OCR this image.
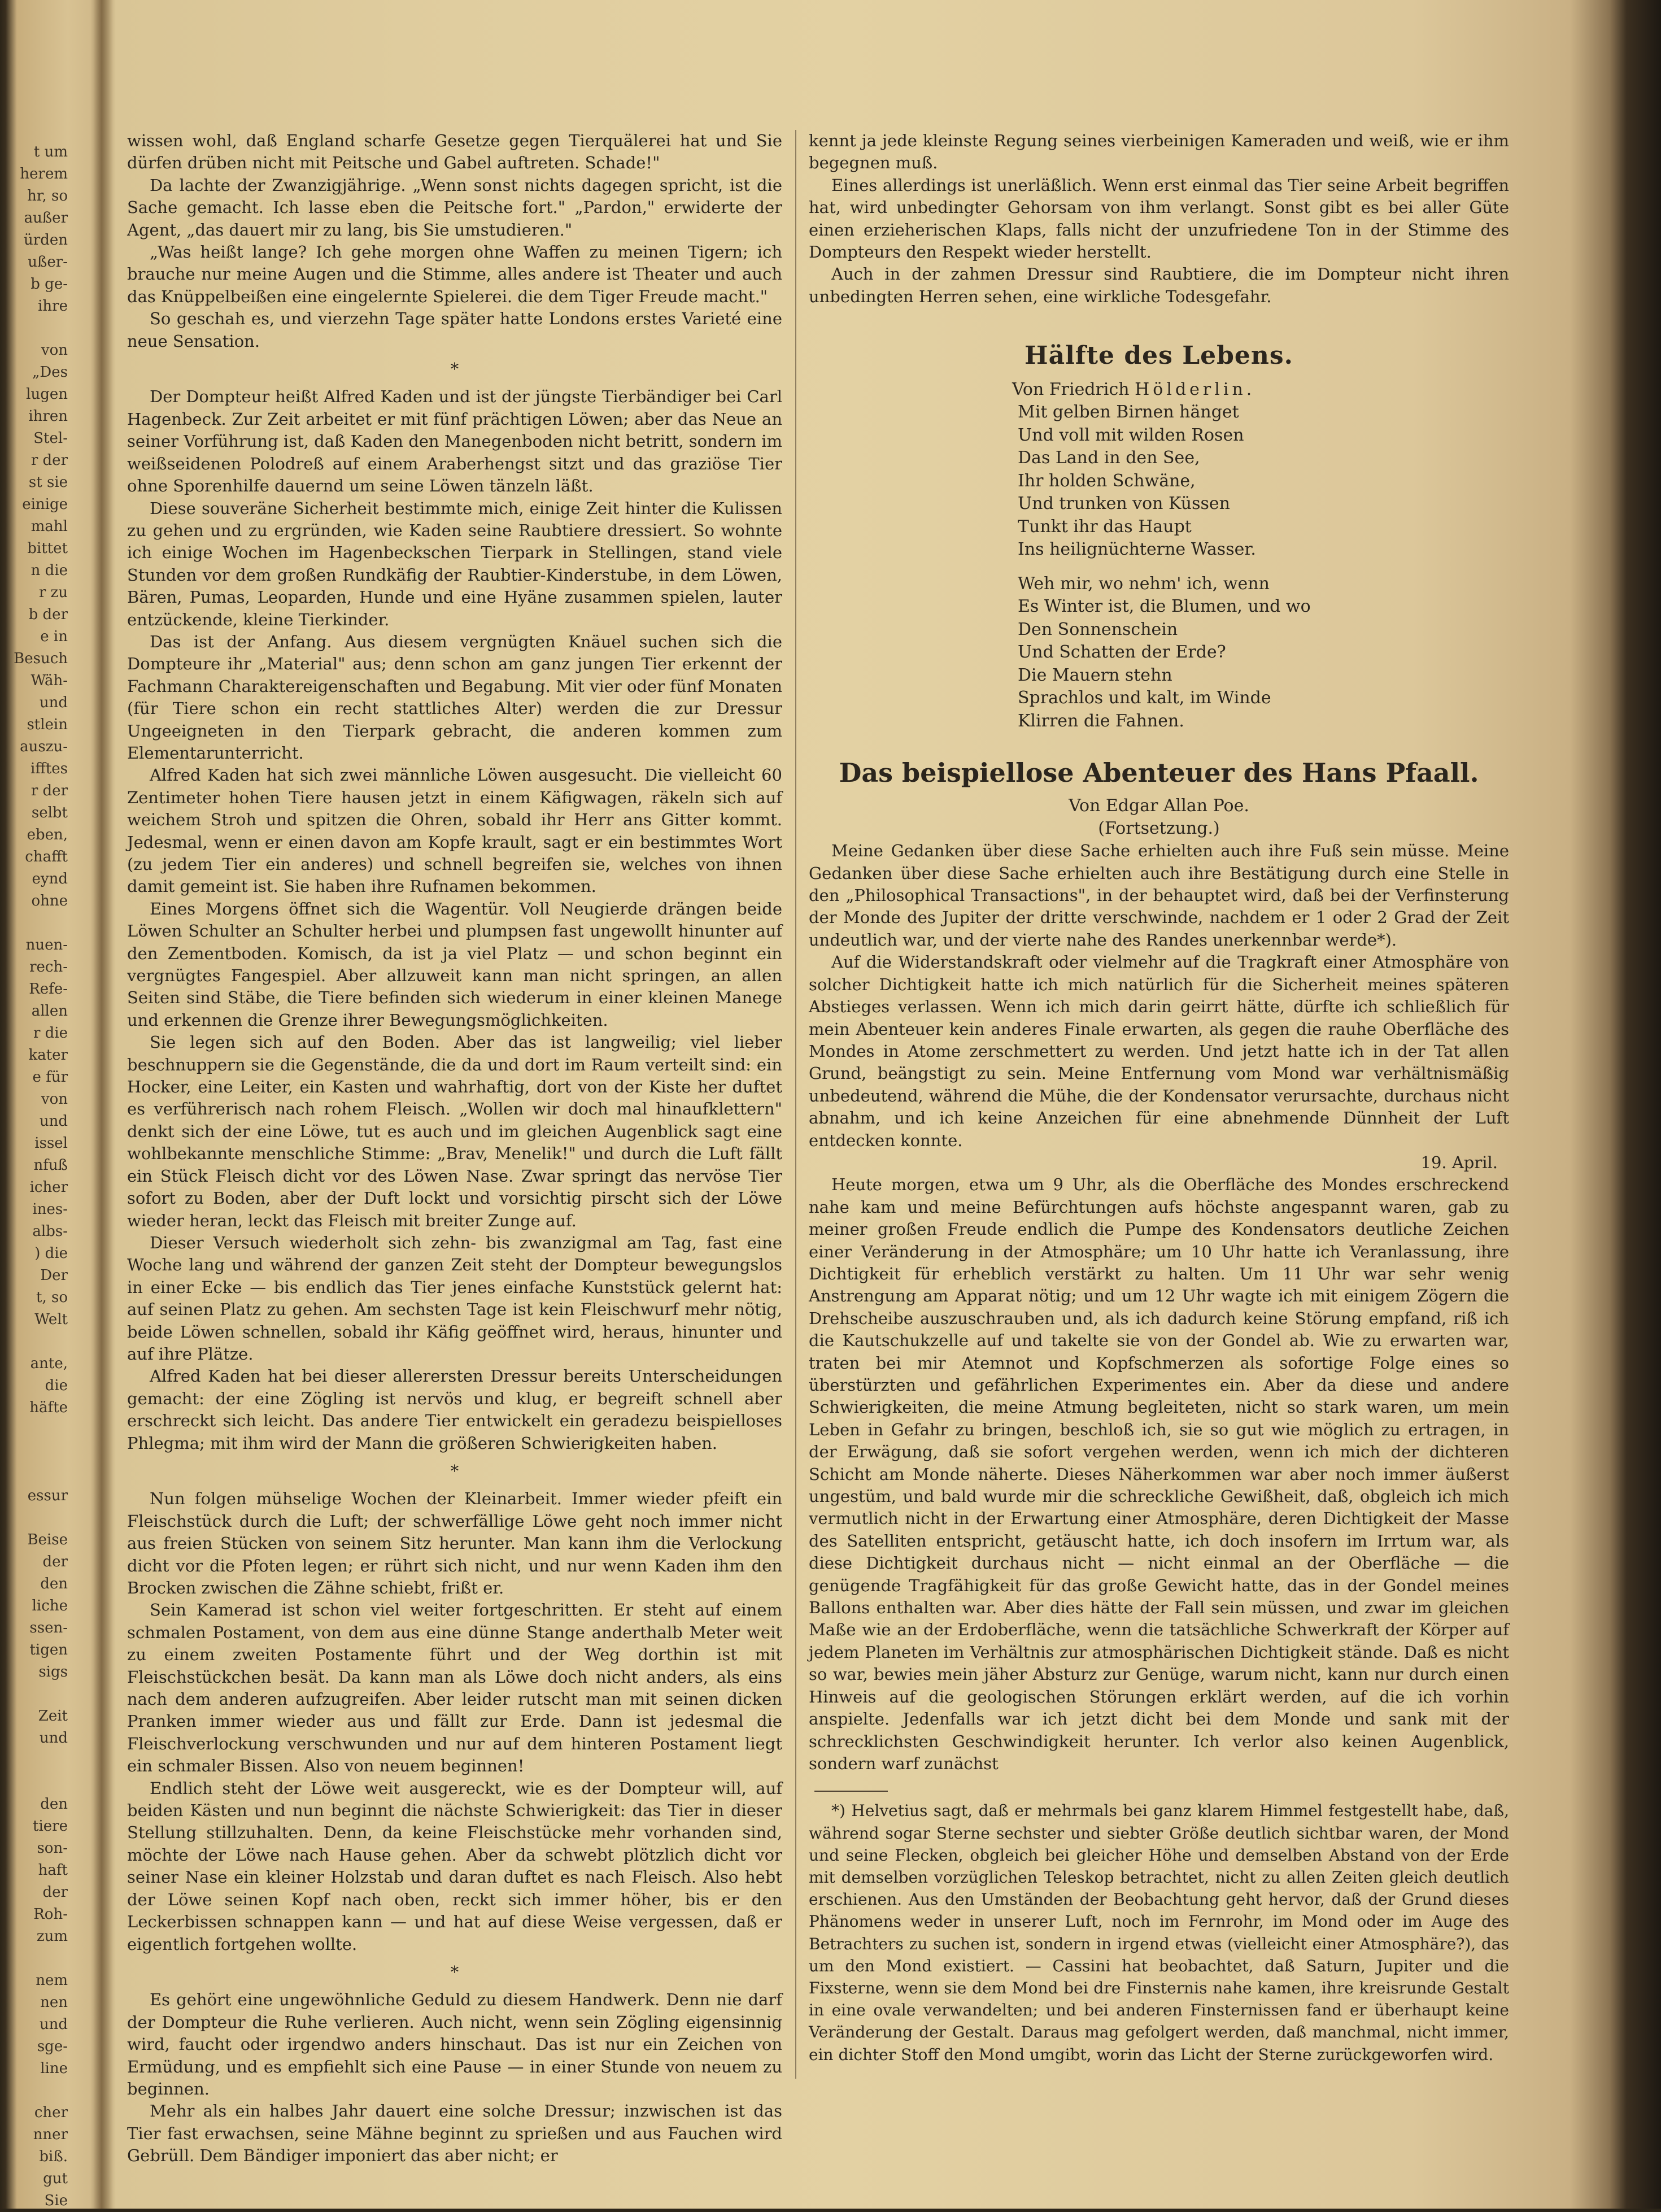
t um
herem
hr, so
außer
ürden
ußer-
b ge-
ihre

von
„Des
lugen
ihren
Stel-
r der
st sie
einige
mahl
bittet
n die
r zu
b der
e in
Besuch
Wäh-
und
stlein
auszu-
ifftes
r der
selbt
eben,
chafft
eynd
ohne

nuen-
rech-
Refe-
allen
r die
kater
e für
von
und
issel
nfuß
icher
ines-
albs-
) die
Der
t, so
Welt

ante,
die
häfte

essur

Beise
der
den
liche
ssen-
tigen
sigs

Zeit
und

den
tiere
son-
haft
der
Roh-
zum

nem
nen
und
sge-
line

cher
nner
biß.
gut
Sie

wissen wohl, daß England scharfe Gesetze gegen Tierquälerei hat und Sie dürfen drüben nicht mit Peitsche und Gabel auftreten. Schade!"

Da lachte der Zwanzigjährige. „Wenn sonst nichts dagegen spricht, ist die Sache gemacht. Ich lasse eben die Peitsche fort." „Pardon," erwiderte der Agent, „das dauert mir zu lang, bis Sie umstudieren."

„Was heißt lange? Ich gehe morgen ohne Waffen zu meinen Tigern; ich brauche nur meine Augen und die Stimme, alles andere ist Theater und auch das Knüppelbeißen eine eingelernte Spielerei. die dem Tiger Freude macht."

So geschah es, und vierzehn Tage später hatte Londons erstes Varieté eine neue Sensation.

*

Der Dompteur heißt Alfred Kaden und ist der jüngste Tierbändiger bei Carl Hagenbeck. Zur Zeit arbeitet er mit fünf prächtigen Löwen; aber das Neue an seiner Vorführung ist, daß Kaden den Manegenboden nicht betritt, sondern im weißseidenen Polodreß auf einem Araberhengst sitzt und das graziöse Tier ohne Sporenhilfe dauernd um seine Löwen tänzeln läßt.

Diese souveräne Sicherheit bestimmte mich, einige Zeit hinter die Kulissen zu gehen und zu ergründen, wie Kaden seine Raubtiere dressiert. So wohnte ich einige Wochen im Hagenbeckschen Tierpark in Stellingen, stand viele Stunden vor dem großen Rundkäfig der Raubtier-Kinderstube, in dem Löwen, Bären, Pumas, Leoparden, Hunde und eine Hyäne zusammen spielen, lauter entzückende, kleine Tierkinder.

Das ist der Anfang. Aus diesem vergnügten Knäuel suchen sich die Dompteure ihr „Material" aus; denn schon am ganz jungen Tier erkennt der Fachmann Charaktereigenschaften und Begabung. Mit vier oder fünf Monaten (für Tiere schon ein recht stattliches Alter) werden die zur Dressur Ungeeigneten in den Tierpark gebracht, die anderen kommen zum Elementarunterricht.

Alfred Kaden hat sich zwei männliche Löwen ausgesucht. Die vielleicht 60 Zentimeter hohen Tiere hausen jetzt in einem Käfigwagen, räkeln sich auf weichem Stroh und spitzen die Ohren, sobald ihr Herr ans Gitter kommt. Jedesmal, wenn er einen davon am Kopfe krault, sagt er ein bestimmtes Wort (zu jedem Tier ein anderes) und schnell begreifen sie, welches von ihnen damit gemeint ist. Sie haben ihre Rufnamen bekommen.

Eines Morgens öffnet sich die Wagentür. Voll Neugierde drängen beide Löwen Schulter an Schulter herbei und plumpsen fast ungewollt hinunter auf den Zementboden. Komisch, da ist ja viel Platz — und schon beginnt ein vergnügtes Fangespiel. Aber allzuweit kann man nicht springen, an allen Seiten sind Stäbe, die Tiere befinden sich wiederum in einer kleinen Manege und erkennen die Grenze ihrer Bewegungsmöglichkeiten.

Sie legen sich auf den Boden. Aber das ist langweilig; viel lieber beschnuppern sie die Gegenstände, die da und dort im Raum verteilt sind: ein Hocker, eine Leiter, ein Kasten und wahrhaftig, dort von der Kiste her duftet es verführerisch nach rohem Fleisch. „Wollen wir doch mal hinaufklettern" denkt sich der eine Löwe, tut es auch und im gleichen Augenblick sagt eine wohlbekannte menschliche Stimme: „Brav, Menelik!" und durch die Luft fällt ein Stück Fleisch dicht vor des Löwen Nase. Zwar springt das nervöse Tier sofort zu Boden, aber der Duft lockt und vorsichtig pirscht sich der Löwe wieder heran, leckt das Fleisch mit breiter Zunge auf.

Dieser Versuch wiederholt sich zehn- bis zwanzigmal am Tag, fast eine Woche lang und während der ganzen Zeit steht der Dompteur bewegungslos in einer Ecke — bis endlich das Tier jenes einfache Kunststück gelernt hat: auf seinen Platz zu gehen. Am sechsten Tage ist kein Fleischwurf mehr nötig, beide Löwen schnellen, sobald ihr Käfig geöffnet wird, heraus, hinunter und auf ihre Plätze.

Alfred Kaden hat bei dieser allerersten Dressur bereits Unterscheidungen gemacht: der eine Zögling ist nervös und klug, er begreift schnell aber erschreckt sich leicht. Das andere Tier entwickelt ein geradezu beispielloses Phlegma; mit ihm wird der Mann die größeren Schwierigkeiten haben.

*

Nun folgen mühselige Wochen der Kleinarbeit. Immer wieder pfeift ein Fleischstück durch die Luft; der schwerfällige Löwe geht noch immer nicht aus freien Stücken von seinem Sitz herunter. Man kann ihm die Verlockung dicht vor die Pfoten legen; er rührt sich nicht, und nur wenn Kaden ihm den Brocken zwischen die Zähne schiebt, frißt er.

Sein Kamerad ist schon viel weiter fortgeschritten. Er steht auf einem schmalen Postament, von dem aus eine dünne Stange anderthalb Meter weit zu einem zweiten Postamente führt und der Weg dorthin ist mit Fleischstückchen besät. Da kann man als Löwe doch nicht anders, als eins nach dem anderen aufzugreifen. Aber leider rutscht man mit seinen dicken Pranken immer wieder aus und fällt zur Erde. Dann ist jedesmal die Fleischverlockung verschwunden und nur auf dem hinteren Postament liegt ein schmaler Bissen. Also von neuem beginnen!

Endlich steht der Löwe weit ausgereckt, wie es der Dompteur will, auf beiden Kästen und nun beginnt die nächste Schwierigkeit: das Tier in dieser Stellung stillzuhalten. Denn, da keine Fleischstücke mehr vorhanden sind, möchte der Löwe nach Hause gehen. Aber da schwebt plötzlich dicht vor seiner Nase ein kleiner Holzstab und daran duftet es nach Fleisch. Also hebt der Löwe seinen Kopf nach oben, reckt sich immer höher, bis er den Leckerbissen schnappen kann — und hat auf diese Weise vergessen, daß er eigentlich fortgehen wollte.

*

Es gehört eine ungewöhnliche Geduld zu diesem Handwerk. Denn nie darf der Dompteur die Ruhe verlieren. Auch nicht, wenn sein Zögling eigensinnig wird, faucht oder irgendwo anders hinschaut. Das ist nur ein Zeichen von Ermüdung, und es empfiehlt sich eine Pause — in einer Stunde von neuem zu beginnen.

Mehr als ein halbes Jahr dauert eine solche Dressur; inzwischen ist das Tier fast erwachsen, seine Mähne beginnt zu sprießen und aus Fauchen wird Gebrüll. Dem Bändiger imponiert das aber nicht; er

kennt ja jede kleinste Regung seines vierbeinigen Kameraden und weiß, wie er ihm begegnen muß.

Eines allerdings ist unerläßlich. Wenn erst einmal das Tier seine Arbeit begriffen hat, wird unbedingter Gehorsam von ihm verlangt. Sonst gibt es bei aller Güte einen erzieherischen Klaps, falls nicht der unzufriedene Ton in der Stimme des Dompteurs den Respekt wieder herstellt.

Auch in der zahmen Dressur sind Raubtiere, die im Dompteur nicht ihren unbedingten Herren sehen, eine wirkliche Todesgefahr.

Hälfte des Lebens.
Von Friedrich Hölderlin.
Mit gelben Birnen hänget
Und voll mit wilden Rosen
Das Land in den See,
Ihr holden Schwäne,
Und trunken von Küssen
Tunkt ihr das Haupt
Ins heilignüchterne Wasser.
Weh mir, wo nehm' ich, wenn
Es Winter ist, die Blumen, und wo
Den Sonnenschein
Und Schatten der Erde?
Die Mauern stehn
Sprachlos und kalt, im Winde
Klirren die Fahnen.
Das beispiellose Abenteuer des Hans Pfaall.
Von Edgar Allan Poe.
(Fortsetzung.)

Meine Gedanken über diese Sache erhielten auch ihre Fuß sein müsse. Meine Gedanken über diese Sache erhielten auch ihre Bestätigung durch eine Stelle in den „Philosophical Transactions", in der behauptet wird, daß bei der Verfinsterung der Monde des Jupiter der dritte verschwinde, nachdem er 1 oder 2 Grad der Zeit undeutlich war, und der vierte nahe des Randes unerkennbar werde*).

Auf die Widerstandskraft oder vielmehr auf die Tragkraft einer Atmosphäre von solcher Dichtigkeit hatte ich mich natürlich für die Sicherheit meines späteren Abstieges verlassen. Wenn ich mich darin geirrt hätte, dürfte ich schließlich für mein Abenteuer kein anderes Finale erwarten, als gegen die rauhe Oberfläche des Mondes in Atome zerschmettert zu werden. Und jetzt hatte ich in der Tat allen Grund, beängstigt zu sein. Meine Entfernung vom Mond war verhältnismäßig unbedeutend, während die Mühe, die der Kondensator verursachte, durchaus nicht abnahm, und ich keine Anzeichen für eine abnehmende Dünnheit der Luft entdecken konnte.

19. April.

Heute morgen, etwa um 9 Uhr, als die Oberfläche des Mondes erschreckend nahe kam und meine Befürchtungen aufs höchste angespannt waren, gab zu meiner großen Freude endlich die Pumpe des Kondensators deutliche Zeichen einer Veränderung in der Atmosphäre; um 10 Uhr hatte ich Veranlassung, ihre Dichtigkeit für erheblich verstärkt zu halten. Um 11 Uhr war sehr wenig Anstrengung am Apparat nötig; und um 12 Uhr wagte ich mit einigem Zögern die Drehscheibe auszuschrauben und, als ich dadurch keine Störung empfand, riß ich die Kautschukzelle auf und takelte sie von der Gondel ab. Wie zu erwarten war, traten bei mir Atemnot und Kopfschmerzen als sofortige Folge eines so überstürzten und gefährlichen Experimentes ein. Aber da diese und andere Schwierigkeiten, die meine Atmung begleiteten, nicht so stark waren, um mein Leben in Gefahr zu bringen, beschloß ich, sie so gut wie möglich zu ertragen, in der Erwägung, daß sie sofort vergehen werden, wenn ich mich der dichteren Schicht am Monde näherte. Dieses Näherkommen war aber noch immer äußerst ungestüm, und bald wurde mir die schreckliche Gewißheit, daß, obgleich ich mich vermutlich nicht in der Erwartung einer Atmosphäre, deren Dichtigkeit der Masse des Satelliten entspricht, getäuscht hatte, ich doch insofern im Irrtum war, als diese Dichtigkeit durchaus nicht — nicht einmal an der Oberfläche — die genügende Tragfähigkeit für das große Gewicht hatte, das in der Gondel meines Ballons enthalten war. Aber dies hätte der Fall sein müssen, und zwar im gleichen Maße wie an der Erdoberfläche, wenn die tatsächliche Schwerkraft der Körper auf jedem Planeten im Verhältnis zur atmosphärischen Dichtigkeit stände. Daß es nicht so war, bewies mein jäher Absturz zur Genüge, warum nicht, kann nur durch einen Hinweis auf die geologischen Störungen erklärt werden, auf die ich vorhin anspielte. Jedenfalls war ich jetzt dicht bei dem Monde und sank mit der schrecklichsten Geschwindigkeit herunter. Ich verlor also keinen Augenblick, sondern warf zunächst

*) Helvetius sagt, daß er mehrmals bei ganz klarem Himmel festgestellt habe, daß, während sogar Sterne sechster und siebter Größe deutlich sichtbar waren, der Mond und seine Flecken, obgleich bei gleicher Höhe und demselben Abstand von der Erde mit demselben vorzüglichen Teleskop betrachtet, nicht zu allen Zeiten gleich deutlich erschienen. Aus den Umständen der Beobachtung geht hervor, daß der Grund dieses Phänomens weder in unserer Luft, noch im Fernrohr, im Mond oder im Auge des Betrachters zu suchen ist, sondern in irgend etwas (vielleicht einer Atmosphäre?), das um den Mond existiert. — Cassini hat beobachtet, daß Saturn, Jupiter und die Fixsterne, wenn sie dem Mond bei dre Finsternis nahe kamen, ihre kreisrunde Gestalt in eine ovale verwandelten; und bei anderen Finsternissen fand er überhaupt keine Veränderung der Gestalt. Daraus mag gefolgert werden, daß manchmal, nicht immer, ein dichter Stoff den Mond umgibt, worin das Licht der Sterne zurückgeworfen wird.
